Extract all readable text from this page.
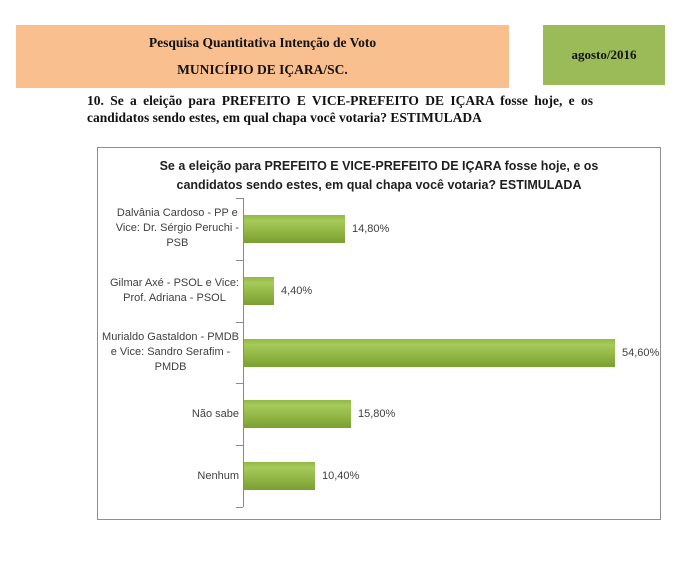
Pesquisa Quantitativa Intenção de Voto
MUNICÍPIO DE IÇARA/SC.
agosto/2016
10. Se a eleição para PREFEITO E VICE-PREFEITO DE IÇARA fosse hoje, e os
candidatos sendo estes, em qual chapa você votaria? ESTIMULADA
Se a eleição para PREFEITO E VICE-PREFEITO DE IÇARA fosse hoje, e os
candidatos sendo estes, em qual chapa você votaria? ESTIMULADA
Dalvânia Cardoso - PP e
Vice: Dr. Sérgio Peruchi -
PSB
14,80%
Gilmar Axé - PSOL e Vice:
Prof. Adriana - PSOL
4,40%
Murialdo Gastaldon - PMDB
e Vice: Sandro Serafim -
PMDB
54,60%
Não sabe	15,80%
Nenhum	10,40%
